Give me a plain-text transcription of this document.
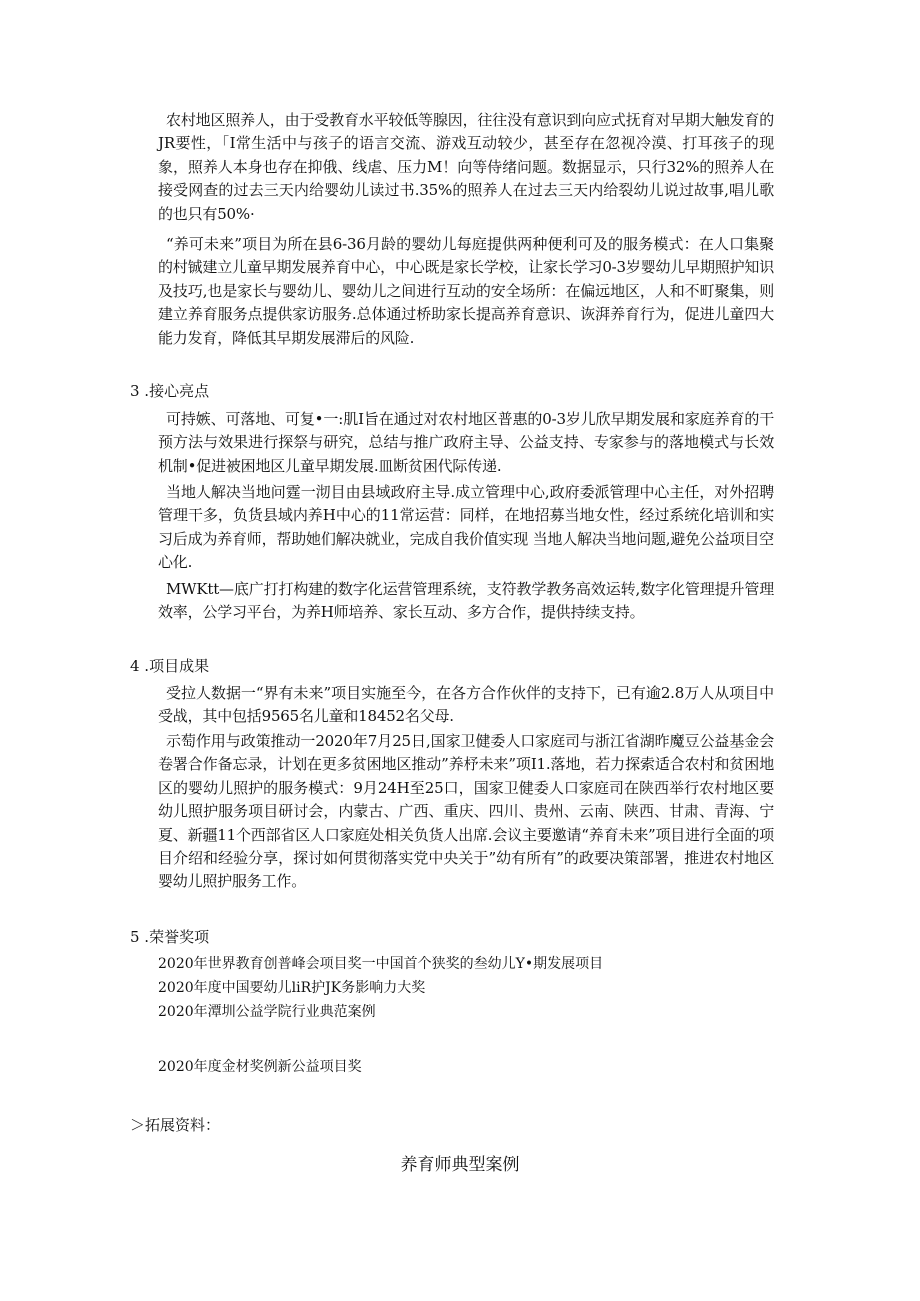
农村地区照养人，由于受教育水平较低等腺因，往往没有意识到向应式抚育对早期大触发育的JR要性，「I常生活中与孩子的语言交流、游戏互动较少，甚至存在忽视冷漠、打耳孩子的现象，照养人本身也存在抑俄、线虐、压力M！向等侍绪问题。数据显示，只行32%的照养人在接受网查的过去三天内给婴幼儿读过书.35%的照养人在过去三天内给裂幼儿说过故事,唱儿歌的也只有50%·

“养可未来”项目为所在县6-36月龄的婴幼儿每庭提供两种便利可及的服务模式：在人口集聚的村铖建立儿童早期发展养育中心，中心既是家长学校，让家长学习0-3岁婴幼儿早期照护知识及技巧,也是家长与婴幼儿、婴幼儿之间进行互动的安全场所：在偏远地区，人和不町聚集，则建立养育服务点提供家访服务.总体通过桥助家长提高养育意识、诙湃养育行为，促进儿童四大能力发育，降低其早期发展滞后的风险.

3 .接心亮点

可持嫉、可落地、可复•一:肌I旨在通过对农村地区普惠的0-3岁儿欣早期发展和家庭养育的干预方法与效果进行探祭与研究，总结与推广政府主导、公益支持、专家参与的落地模式与长效机制•促进被困地区儿童早期发展.皿断贫困代际传递.

当地人解决当地问霆一沏目由县域政府主导.成立管理中心,政府委派管理中心主任，对外招聘管理干多，负货县域内养H中心的11常运营：同样，在地招募当地女性，经过系统化培训和实习后成为养育师，帮助她们解决就业，完成自我价值实现 当地人解决当地问题,避免公益项目空心化.

MWKtt—底广打打构建的数字化运营管理系统，支符教学教务高效运转,数字化管理提升管理效率，公学习平台，为养H师培养、家长互动、多方合作，提供持续支持。

4 .项目成果

受拉人数据一“界有未来”项目实施至今，在各方合作伙伴的支持下，已有逾2.8万人从项目中受战，其中包括9565名儿童和18452名父母.

示萄作用与政策推动一2020年7月25日,国家卫健委人口家庭司与浙江省湖昨魔豆公益基金会卷署合作备忘录，计划在更多贫困地区推动”养杼未来”项I1.落地，若力探索适合农村和贫困地区的婴幼儿照护的服务模式：9月24H至25口，国家卫健委人口家庭司在陕西举行农村地区要幼儿照护服务项目研讨会，内蒙古、广西、重庆、四川、贵州、云南、陕西、甘肃、青海、宁夏、新疆11个西部省区人口家庭处相关负货人出席.会议主要邀请“养育未来”项目进行全面的项目介绍和经验分享，探讨如何贯彻落实党中央关于”幼有所有”的政要决策部署，推进农村地区婴幼儿照护服务工作。

5 .荣誉奖项

2020年世界教育创普峰会项目奖一中国首个狭奖的叁幼儿Y•期发展项目
2020年度中国要幼儿liR护JK务影响力大奖
2020年潭圳公益学院行业典范案例
2020年度金材奖例新公益项目奖

＞拓展资料：

养育师典型案例
